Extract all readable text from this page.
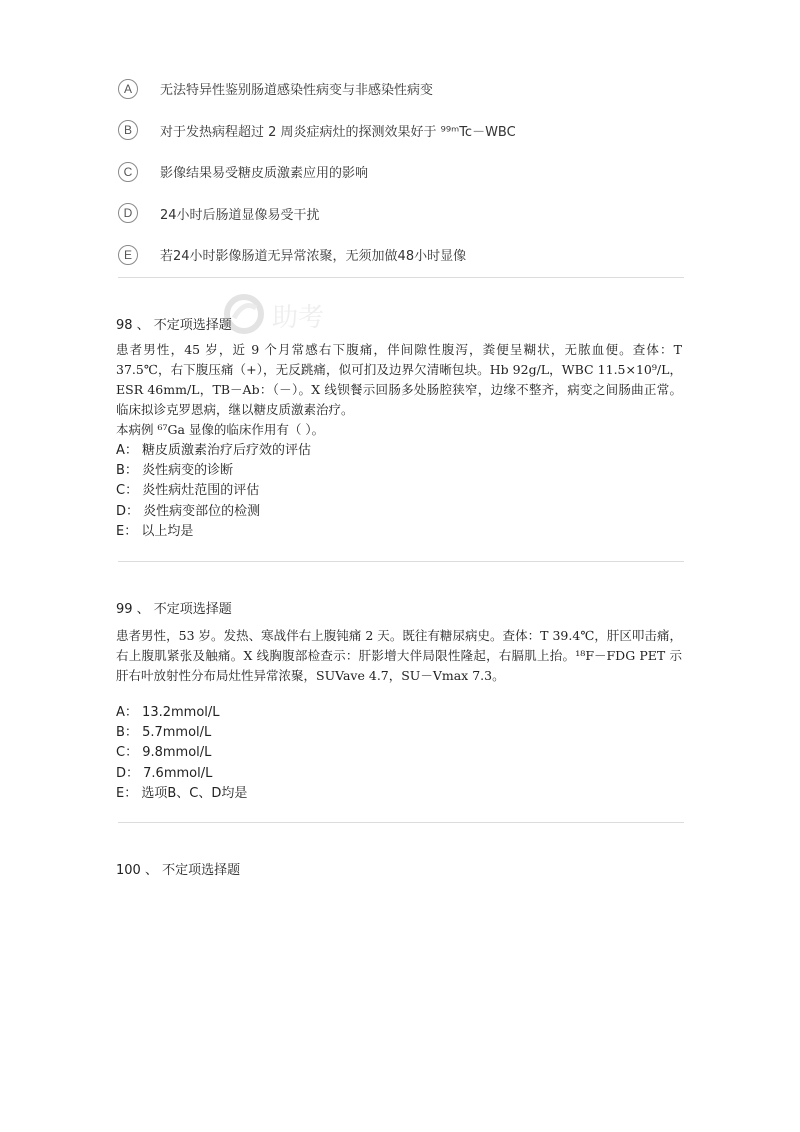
A	无法特异性鉴别肠道感染性病变与非感染性病变
B	对于发热病程超过 2 周炎症病灶的探测效果好于 ⁹⁹ᵐTc－WBC
C	影像结果易受糖皮质激素应用的影响
D	24小时后肠道显像易受干扰
E	若24小时影像肠道无异常浓聚，无须加做48小时显像
助考
98 、 不定项选择题

患者男性，45 岁，近 9 个月常感右下腹痛，伴间隙性腹泻，粪便呈糊状，无脓血便。查体：T 37.5℃，右下腹压痛（+），无反跳痛，似可扪及边界欠清晰包块。Hb 92g/L，WBC 11.5×10⁹/L，ESR 46mm/L，TB－Ab：（－）。X 线钡餐示回肠多处肠腔狭窄，边缘不整齐，病变之间肠曲正常。临床拟诊克罗恩病，继以糖皮质激素治疗。

本病例 ⁶⁷Ga 显像的临床作用有（ ）。

A： 糖皮质激素治疗后疗效的评估
B： 炎性病变的诊断
C： 炎性病灶范围的评估
D： 炎性病变部位的检测
E： 以上均是
99 、 不定项选择题

患者男性，53 岁。发热、寒战伴右上腹钝痛 2 天。既往有糖尿病史。查体：T 39.4℃，肝区叩击痛，右上腹肌紧张及触痛。X 线胸腹部检查示：肝影增大伴局限性隆起，右膈肌上抬。¹⁸F－FDG PET 示肝右叶放射性分布局灶性异常浓聚，SUVave 4.7，SU－Vmax 7.3。

A： 13.2mmol/L
B： 5.7mmol/L
C： 9.8mmol/L
D： 7.6mmol/L
E： 选项B、C、D均是
100 、 不定项选择题
